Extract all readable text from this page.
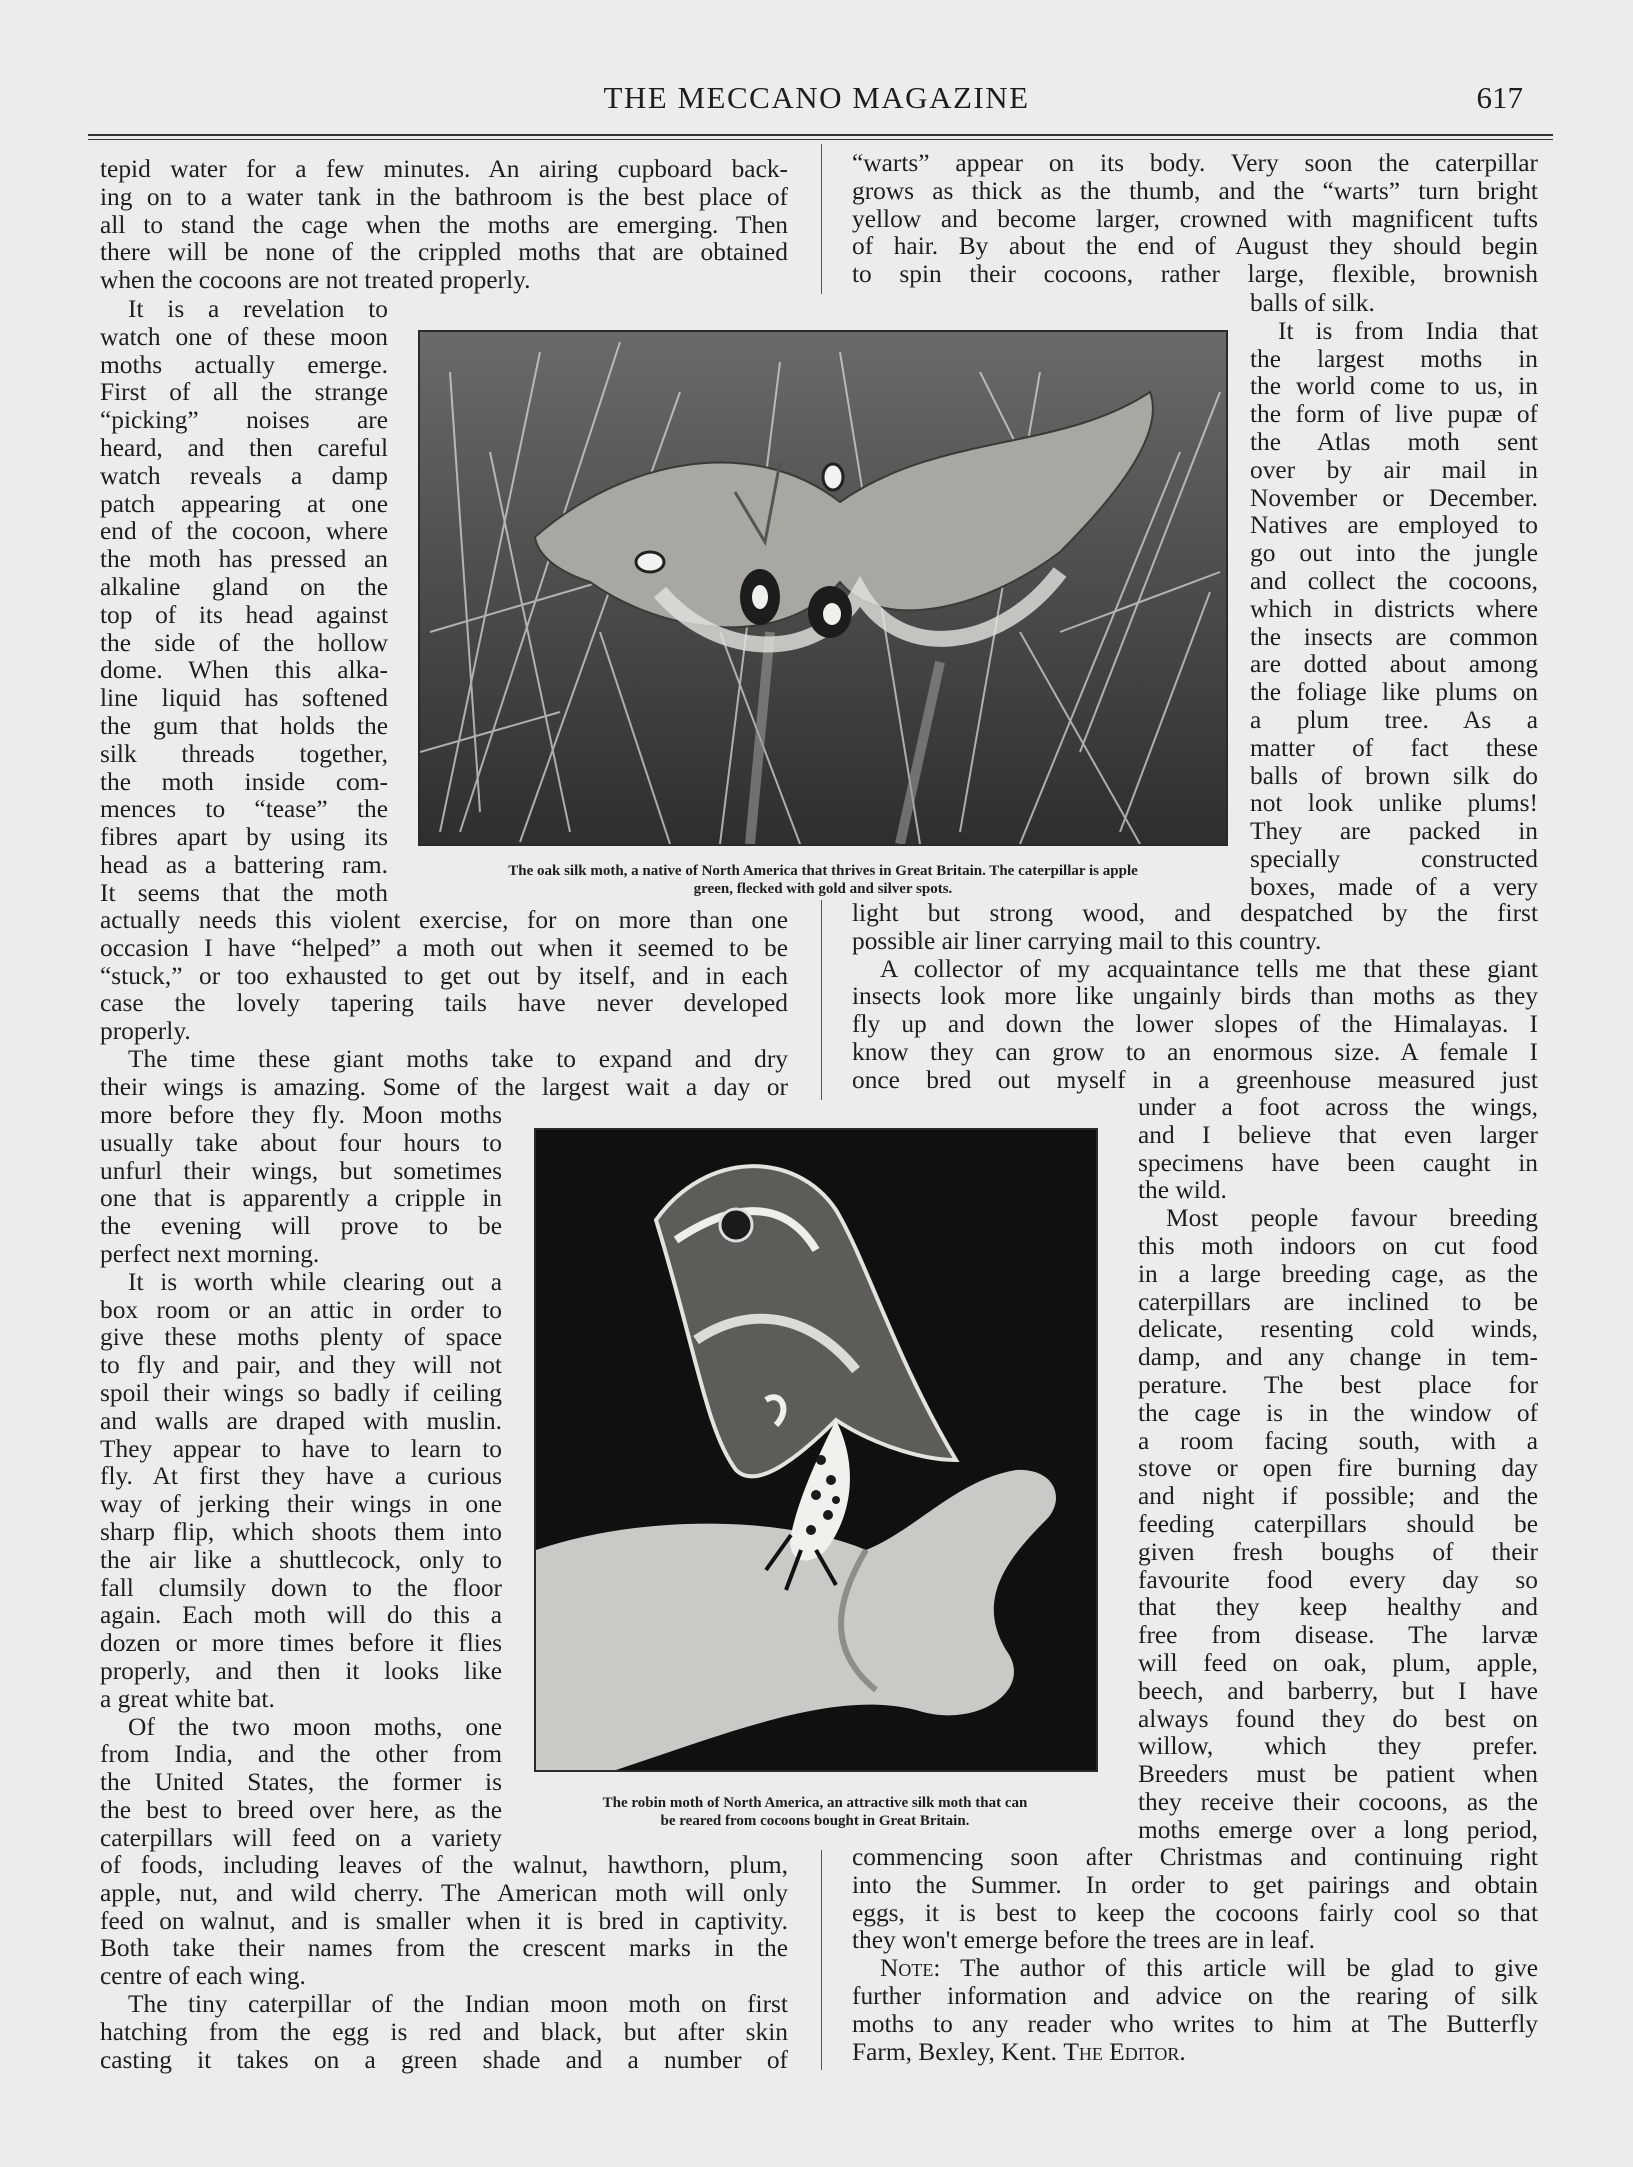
THE MECCANO MAGAZINE	617
tepid water for a few minutes. An airing cupboard back-
ing on to a water tank in the bathroom is the best place of
all to stand the cage when the moths are emerging. Then
there will be none of the crippled moths that are obtained
when the cocoons are not treated properly.
It is a revelation to
watch one of these moon
moths actually emerge.
First of all the strange
“picking” noises are
heard, and then careful
watch reveals a damp
patch appearing at one
end of the cocoon, where
the moth has pressed an
alkaline gland on the
top of its head against
the side of the hollow
dome. When this alka-
line liquid has softened
the gum that holds the
silk threads together,
the moth inside com-
mences to “tease” the
fibres apart by using its
head as a battering ram.
It seems that the moth
actually needs this violent exercise, for on more than one
occasion I have “helped” a moth out when it seemed to be
“stuck,” or too exhausted to get out by itself, and in each
case the lovely tapering tails have never developed
properly.
The time these giant moths take to expand and dry
their wings is amazing. Some of the largest wait a day or
more before they fly. Moon moths
usually take about four hours to
unfurl their wings, but sometimes
one that is apparently a cripple in
the evening will prove to be
perfect next morning.
It is worth while clearing out a
box room or an attic in order to
give these moths plenty of space
to fly and pair, and they will not
spoil their wings so badly if ceiling
and walls are draped with muslin.
They appear to have to learn to
fly. At first they have a curious
way of jerking their wings in one
sharp flip, which shoots them into
the air like a shuttlecock, only to
fall clumsily down to the floor
again. Each moth will do this a
dozen or more times before it flies
properly, and then it looks like
a great white bat.
Of the two moon moths, one
from India, and the other from
the United States, the former is
the best to breed over here, as the
caterpillars will feed on a variety
of foods, including leaves of the walnut, hawthorn, plum,
apple, nut, and wild cherry. The American moth will only
feed on walnut, and is smaller when it is bred in captivity.
Both take their names from the crescent marks in the
centre of each wing.
The tiny caterpillar of the Indian moon moth on first
hatching from the egg is red and black, but after skin
casting it takes on a green shade and a number of
“warts” appear on its body. Very soon the caterpillar
grows as thick as the thumb, and the “warts” turn bright
yellow and become larger, crowned with magnificent tufts
of hair. By about the end of August they should begin
to spin their cocoons, rather large, flexible, brownish
balls of silk.
It is from India that
the largest moths in
the world come to us, in
the form of live pupæ of
the Atlas moth sent
over by air mail in
November or December.
Natives are employed to
go out into the jungle
and collect the cocoons,
which in districts where
the insects are common
are dotted about among
the foliage like plums on
a plum tree. As a
matter of fact these
balls of brown silk do
not look unlike plums!
They are packed in
specially constructed
boxes, made of a very
light but strong wood, and despatched by the first
possible air liner carrying mail to this country.
A collector of my acquaintance tells me that these giant
insects look more like ungainly birds than moths as they
fly up and down the lower slopes of the Himalayas. I
know they can grow to an enormous size. A female I
once bred out myself in a greenhouse measured just
under a foot across the wings,
and I believe that even larger
specimens have been caught in
the wild.
Most people favour breeding
this moth indoors on cut food
in a large breeding cage, as the
caterpillars are inclined to be
delicate, resenting cold winds,
damp, and any change in tem-
perature. The best place for
the cage is in the window of
a room facing south, with a
stove or open fire burning day
and night if possible; and the
feeding caterpillars should be
given fresh boughs of their
favourite food every day so
that they keep healthy and
free from disease. The larvæ
will feed on oak, plum, apple,
beech, and barberry, but I have
always found they do best on
willow, which they prefer.
Breeders must be patient when
they receive their cocoons, as the
moths emerge over a long period,
commencing soon after Christmas and continuing right
into the Summer. In order to get pairings and obtain
eggs, it is best to keep the cocoons fairly cool so that
they won't emerge before the trees are in leaf.
Note: The author of this article will be glad to give
further information and advice on the rearing of silk
moths to any reader who writes to him at The Butterfly
Farm, Bexley, Kent. The Editor.
The oak silk moth, a native of North America that thrives in Great Britain. The caterpillar is apple
green, flecked with gold and silver spots.
The robin moth of North America, an attractive silk moth that can
be reared from cocoons bought in Great Britain.
